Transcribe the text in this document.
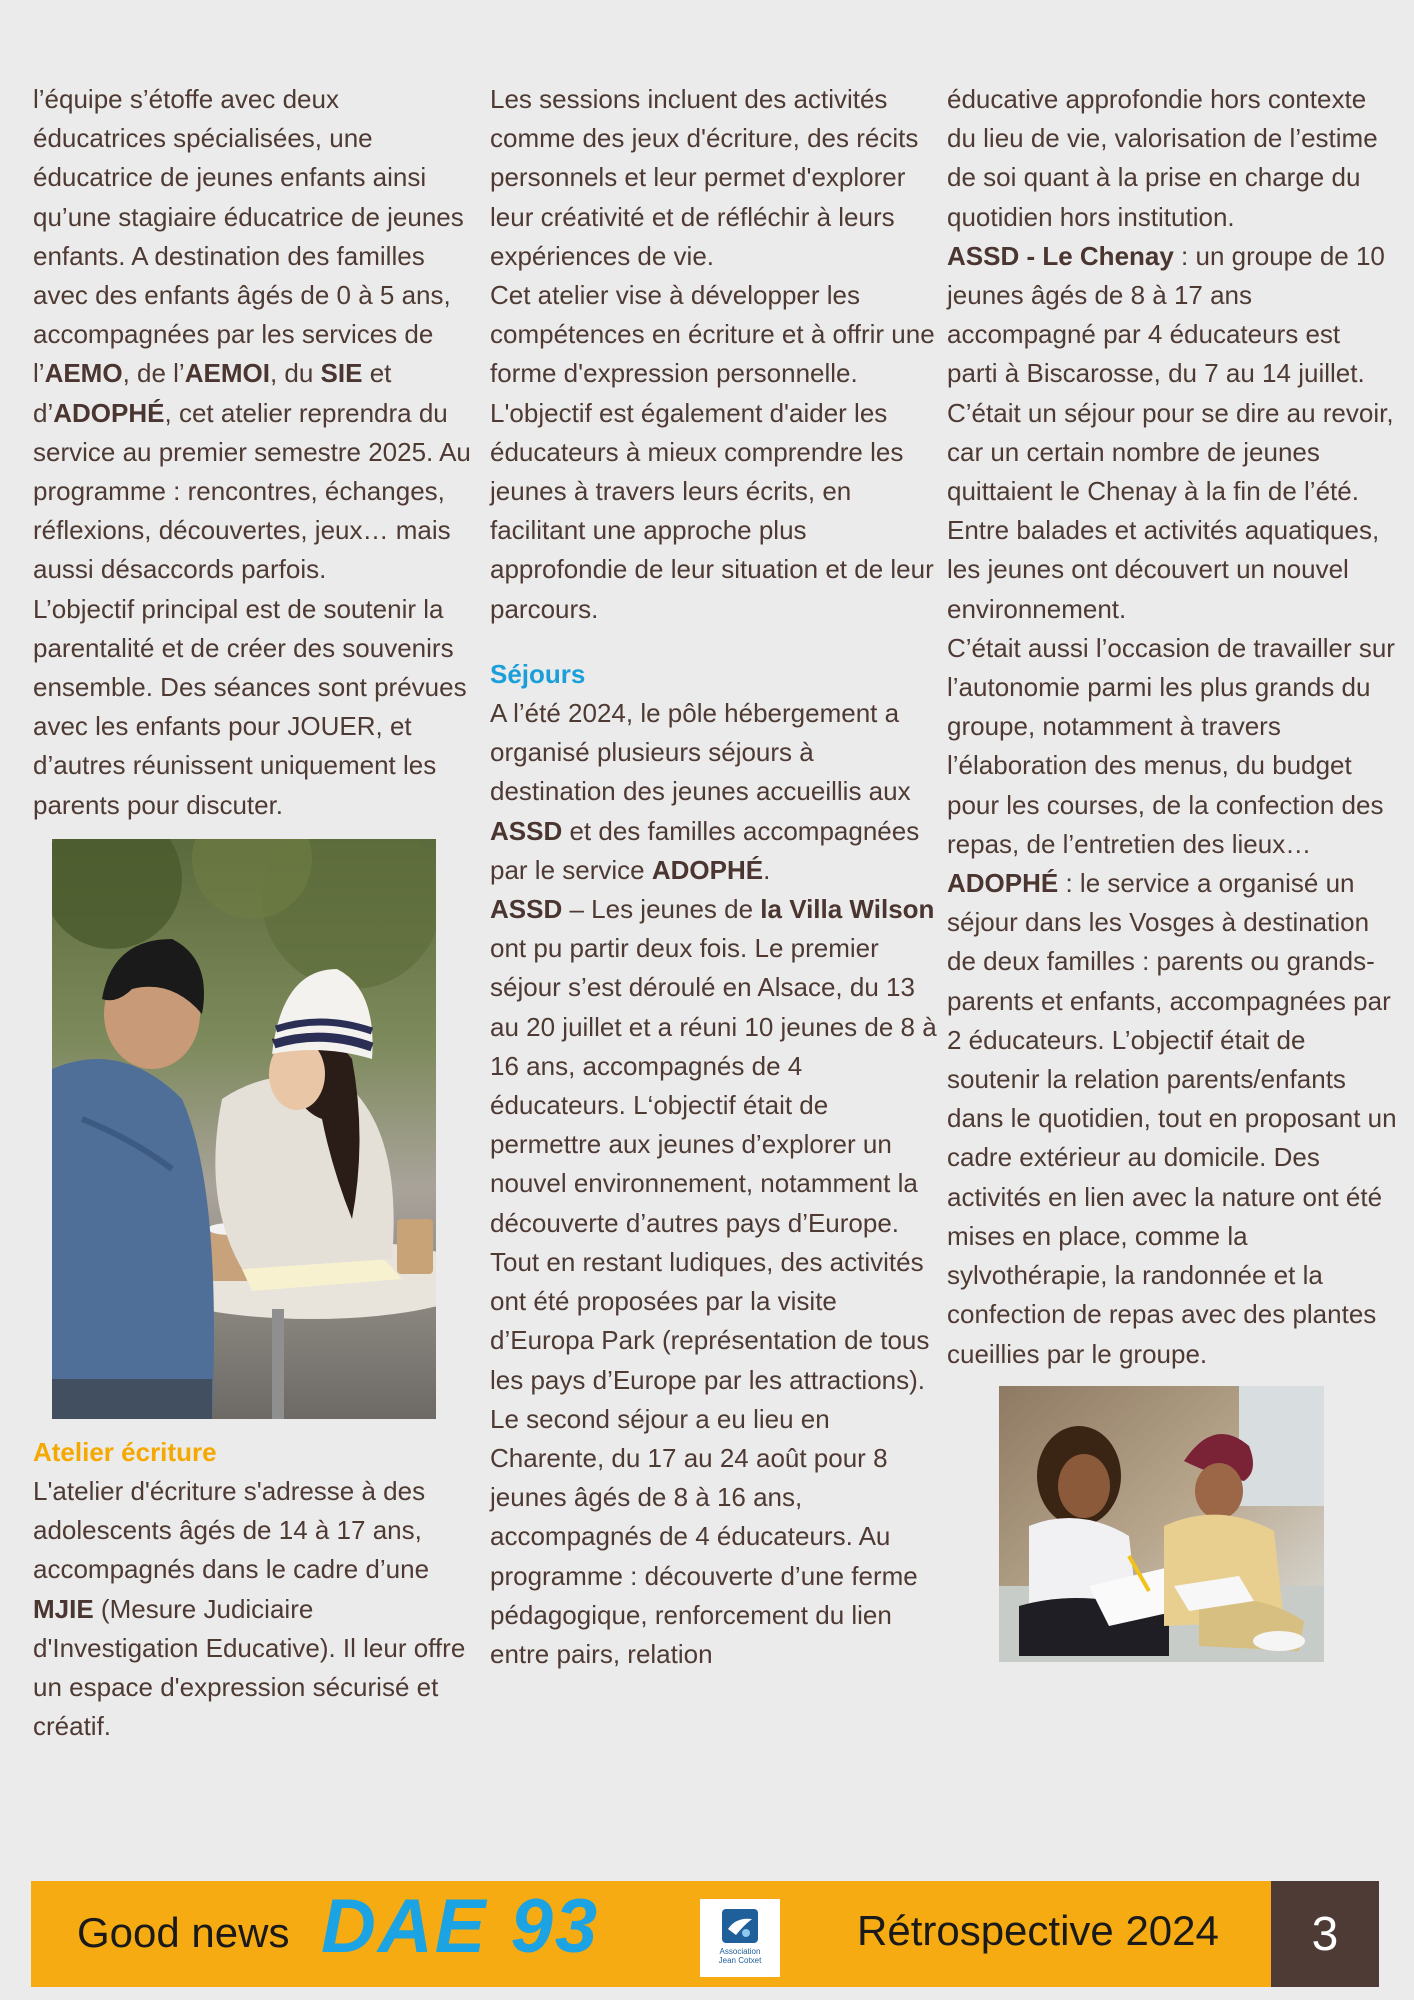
l’équipe s’étoffe avec deux éducatrices spécialisées, une éducatrice de jeunes enfants ainsi qu’une stagiaire éducatrice de jeunes enfants. A destination des familles avec des enfants âgés de 0 à 5 ans, accompagnées par les services de l’AEMO, de l’AEMOI, du SIE et d’ADOPHÉ, cet atelier reprendra du service au premier semestre 2025. Au programme : rencontres, échanges, réflexions, découvertes, jeux… mais aussi désaccords parfois.

L’objectif principal est de soutenir la parentalité et de créer des souvenirs ensemble. Des séances sont prévues avec les enfants pour JOUER, et d’autres réunissent uniquement les parents pour discuter.

Atelier écriture

L'atelier d'écriture s'adresse à des adolescents âgés de 14 à 17 ans, accompagnés dans le cadre d’une MJIE (Mesure Judiciaire d'Investigation Educative). Il leur offre un espace d'expression sécurisé et créatif.

Les sessions incluent des activités comme des jeux d'écriture, des récits personnels et leur permet d'explorer leur créativité et de réfléchir à leurs expériences de vie.

Cet atelier vise à développer les compétences en écriture et à offrir une forme d'expression personnelle. L'objectif est également d'aider les éducateurs à mieux comprendre les jeunes à travers leurs écrits, en facilitant une approche plus approfondie de leur situation et de leur parcours.

Séjours

A l’été 2024, le pôle hébergement a organisé plusieurs séjours à destination des jeunes accueillis aux ASSD et des familles accompagnées par le service ADOPHÉ.

ASSD – Les jeunes de la Villa Wilson ont pu partir deux fois. Le premier séjour s’est déroulé en Alsace, du 13 au 20 juillet et a réuni 10 jeunes de 8 à 16 ans, accompagnés de 4 éducateurs. L‘objectif était de permettre aux jeunes d’explorer un nouvel environnement, notamment la découverte d’autres pays d’Europe. Tout en restant ludiques, des activités ont été proposées par la visite d’Europa Park (représentation de tous les pays d’Europe par les attractions).

Le second séjour a eu lieu en Charente, du 17 au 24 août pour 8 jeunes âgés de 8 à 16 ans, accompagnés de 4 éducateurs. Au programme : découverte d’une ferme pédagogique, renforcement du lien entre pairs, relation

éducative approfondie hors contexte du lieu de vie, valorisation de l’estime de soi quant à la prise en charge du quotidien hors institution.

ASSD - Le Chenay : un groupe de 10 jeunes âgés de 8 à 17 ans accompagné par 4 éducateurs est parti à Biscarosse, du 7 au 14 juillet. C’était un séjour pour se dire au revoir, car un certain nombre de jeunes quittaient le Chenay à la fin de l’été. Entre balades et activités aquatiques, les jeunes ont découvert un nouvel environnement.

C’était aussi l’occasion de travailler sur l’autonomie parmi les plus grands du groupe, notamment à travers l’élaboration des menus, du budget pour les courses, de la confection des repas, de l’entretien des lieux…

ADOPHÉ : le service a organisé un séjour dans les Vosges à destination de deux familles : parents ou grands-parents et enfants, accompagnées par 2 éducateurs. L’objectif était de soutenir la relation parents/enfants dans le quotidien, tout en proposant un cadre extérieur au domicile. Des activités en lien avec la nature ont été mises en place, comme la sylvothérapie, la randonnée et la confection de repas avec des plantes cueillies par le groupe.

Good news DAE 93	Association
Jean Cotxet
Rétrospective 2024	3
